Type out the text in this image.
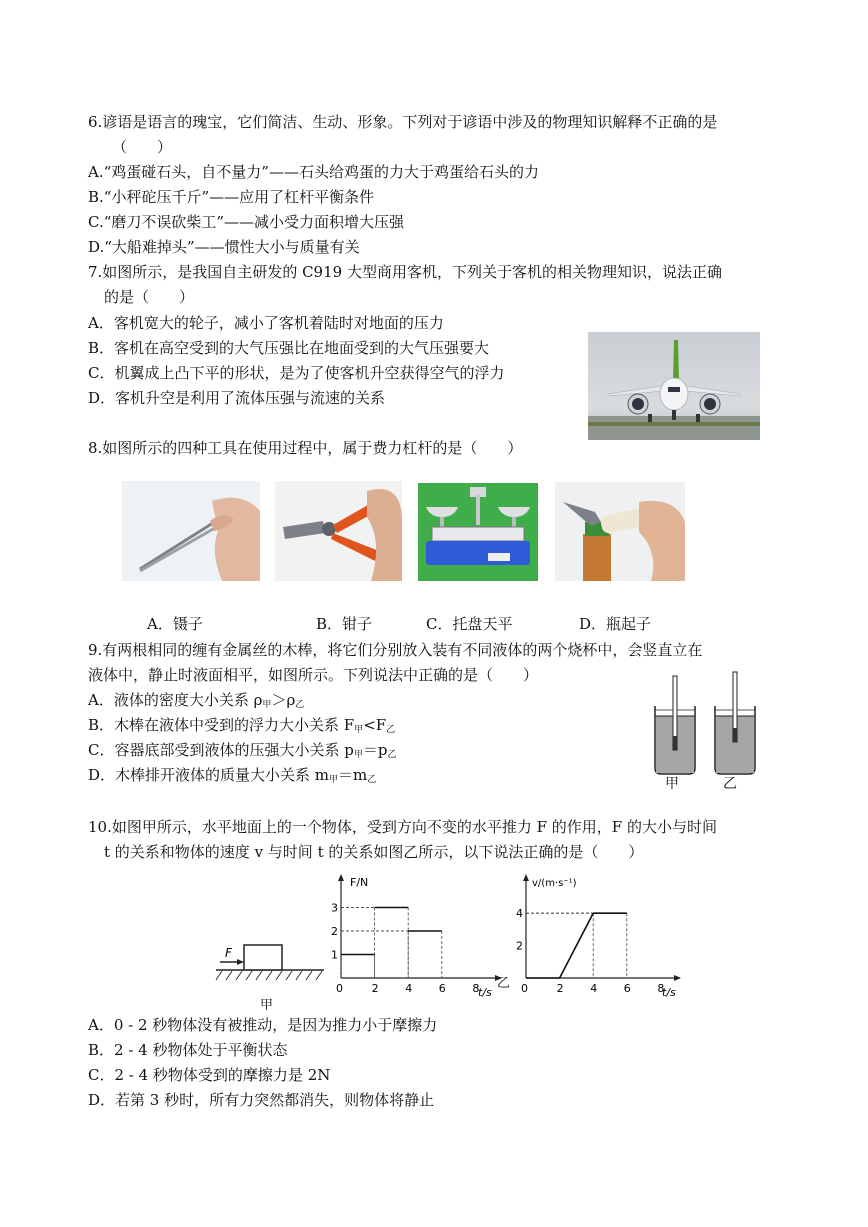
6.谚语是语言的瑰宝，它们简洁、生动、形象。下列对于谚语中涉及的物理知识解释不正确的是
（　　）
A.“鸡蛋碰石头，自不量力”——石头给鸡蛋的力大于鸡蛋给石头的力
B.“小秤砣压千斤”——应用了杠杆平衡条件
C.“磨刀不误砍柴工”——减小受力面积增大压强
D.“大船难掉头”——惯性大小与质量有关
7.如图所示，是我国自主研发的 C919 大型商用客机，下列关于客机的相关物理知识，说法正确
的是（　　）
A．客机宽大的轮子，减小了客机着陆时对地面的压力
B．客机在高空受到的大气压强比在地面受到的大气压强要大
C．机翼成上凸下平的形状，是为了使客机升空获得空气的浮力
D．客机升空是利用了流体压强与流速的关系
8.如图所示的四种工具在使用过程中，属于费力杠杆的是（　　）
A．镊子	B．钳子	C．托盘天平	D．瓶起子
9.有两根相同的缠有金属丝的木棒，将它们分别放入装有不同液体的两个烧杯中，会竖直立在
液体中，静止时液面相平，如图所示。下列说法中正确的是（　　）
A．液体的密度大小关系 $\rho_甲>\rho_乙$
B．木棒在液体中受到的浮力大小关系 $F_甲<F_乙$
C．容器底部受到液体的压强大小关系 $p_甲=p_乙$
D．木棒排开液体的质量大小关系 $m_甲=m_乙$	甲	乙
10.如图甲所示，水平地面上的一个物体，受到方向不变的水平推力 F 的作用，F 的大小与时间
t 的关系和物体的速度 v 与时间 t 的关系如图乙所示，以下说法正确的是（　　）
F
甲
F/N
t/s
0	2 4 6 8
1
2
3
v/(m·s⁻¹)
t/s
0	2 4 6 8
2
4
乙
A．0 - 2 秒物体没有被推动，是因为推力小于摩擦力
B．2 - 4 秒物体处于平衡状态
C．2 - 4 秒物体受到的摩擦力是 2N
D．若第 3 秒时，所有力突然都消失，则物体将静止
